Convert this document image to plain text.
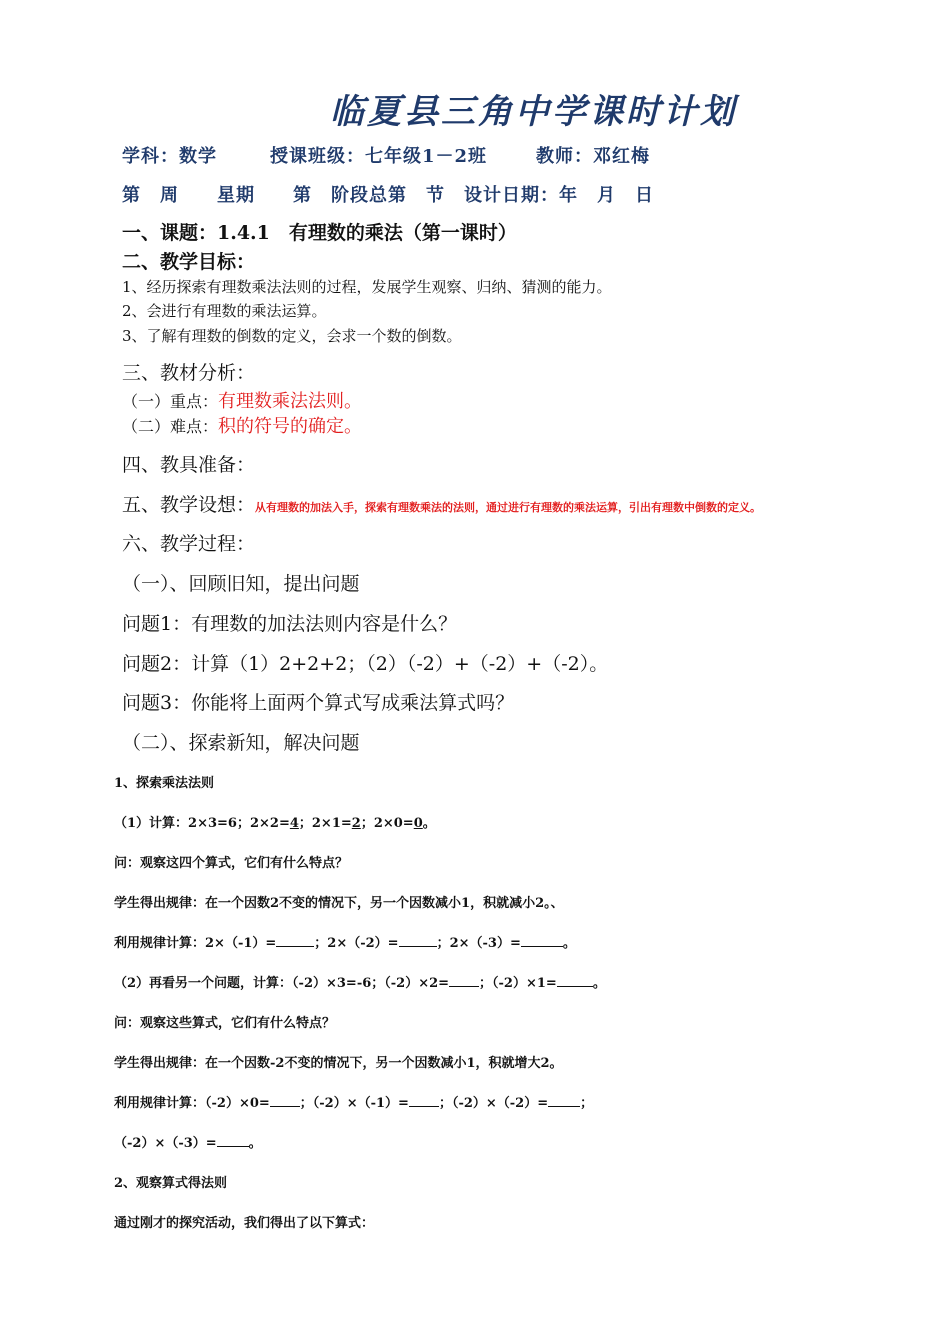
临夏县三角中学课时计划
学科：数学	授课班级：七年级1－2班	教师：邓红梅
第　周　　星期　　第　阶段总第　节　设计日期：年　月　日
一、课题：1.4.1　有理数的乘法（第一课时）
二、教学目标：
1、经历探索有理数乘法法则的过程，发展学生观察、归纳、猜测的能力。
2、会进行有理数的乘法运算。
3、了解有理数的倒数的定义，会求一个数的倒数。
三、教材分析：
（一）重点：有理数乘法法则。
（二）难点：积的符号的确定。
四、教具准备：
五、教学设想：从有理数的加法入手，探索有理数乘法的法则，通过进行有理数的乘法运算，引出有理数中倒数的定义。
六、教学过程：
（一）、回顾旧知，提出问题
问题1：有理数的加法法则内容是什么？
问题2：计算（1）2+2+2；（2）（-2）+（-2）+（-2）。
问题3：你能将上面两个算式写成乘法算式吗？
（二）、探索新知，解决问题
1、探索乘法法则
（1）计算：2×3=6；2×2=4；2×1=2；2×0=0。
问：观察这四个算式，它们有什么特点？
学生得出规律：在一个因数2不变的情况下，另一个因数减小1，积就减小2。、
利用规律计算：2×（-1）=	；2×（-2）=	；2×（-3）=	。
（2）再看另一个问题，计算：（-2）×3=-6；（-2）×2= ；（-2）×1=	。
问：观察这些算式，它们有什么特点？
学生得出规律：在一个因数-2不变的情况下，另一个因数减小1，积就增大2。
利用规律计算：（-2）×0= ；（-2）×（-1）= ；（-2）×（-2）= ；
（-2）×（-3）= 。
2、观察算式得法则
通过刚才的探究活动，我们得出了以下算式：
